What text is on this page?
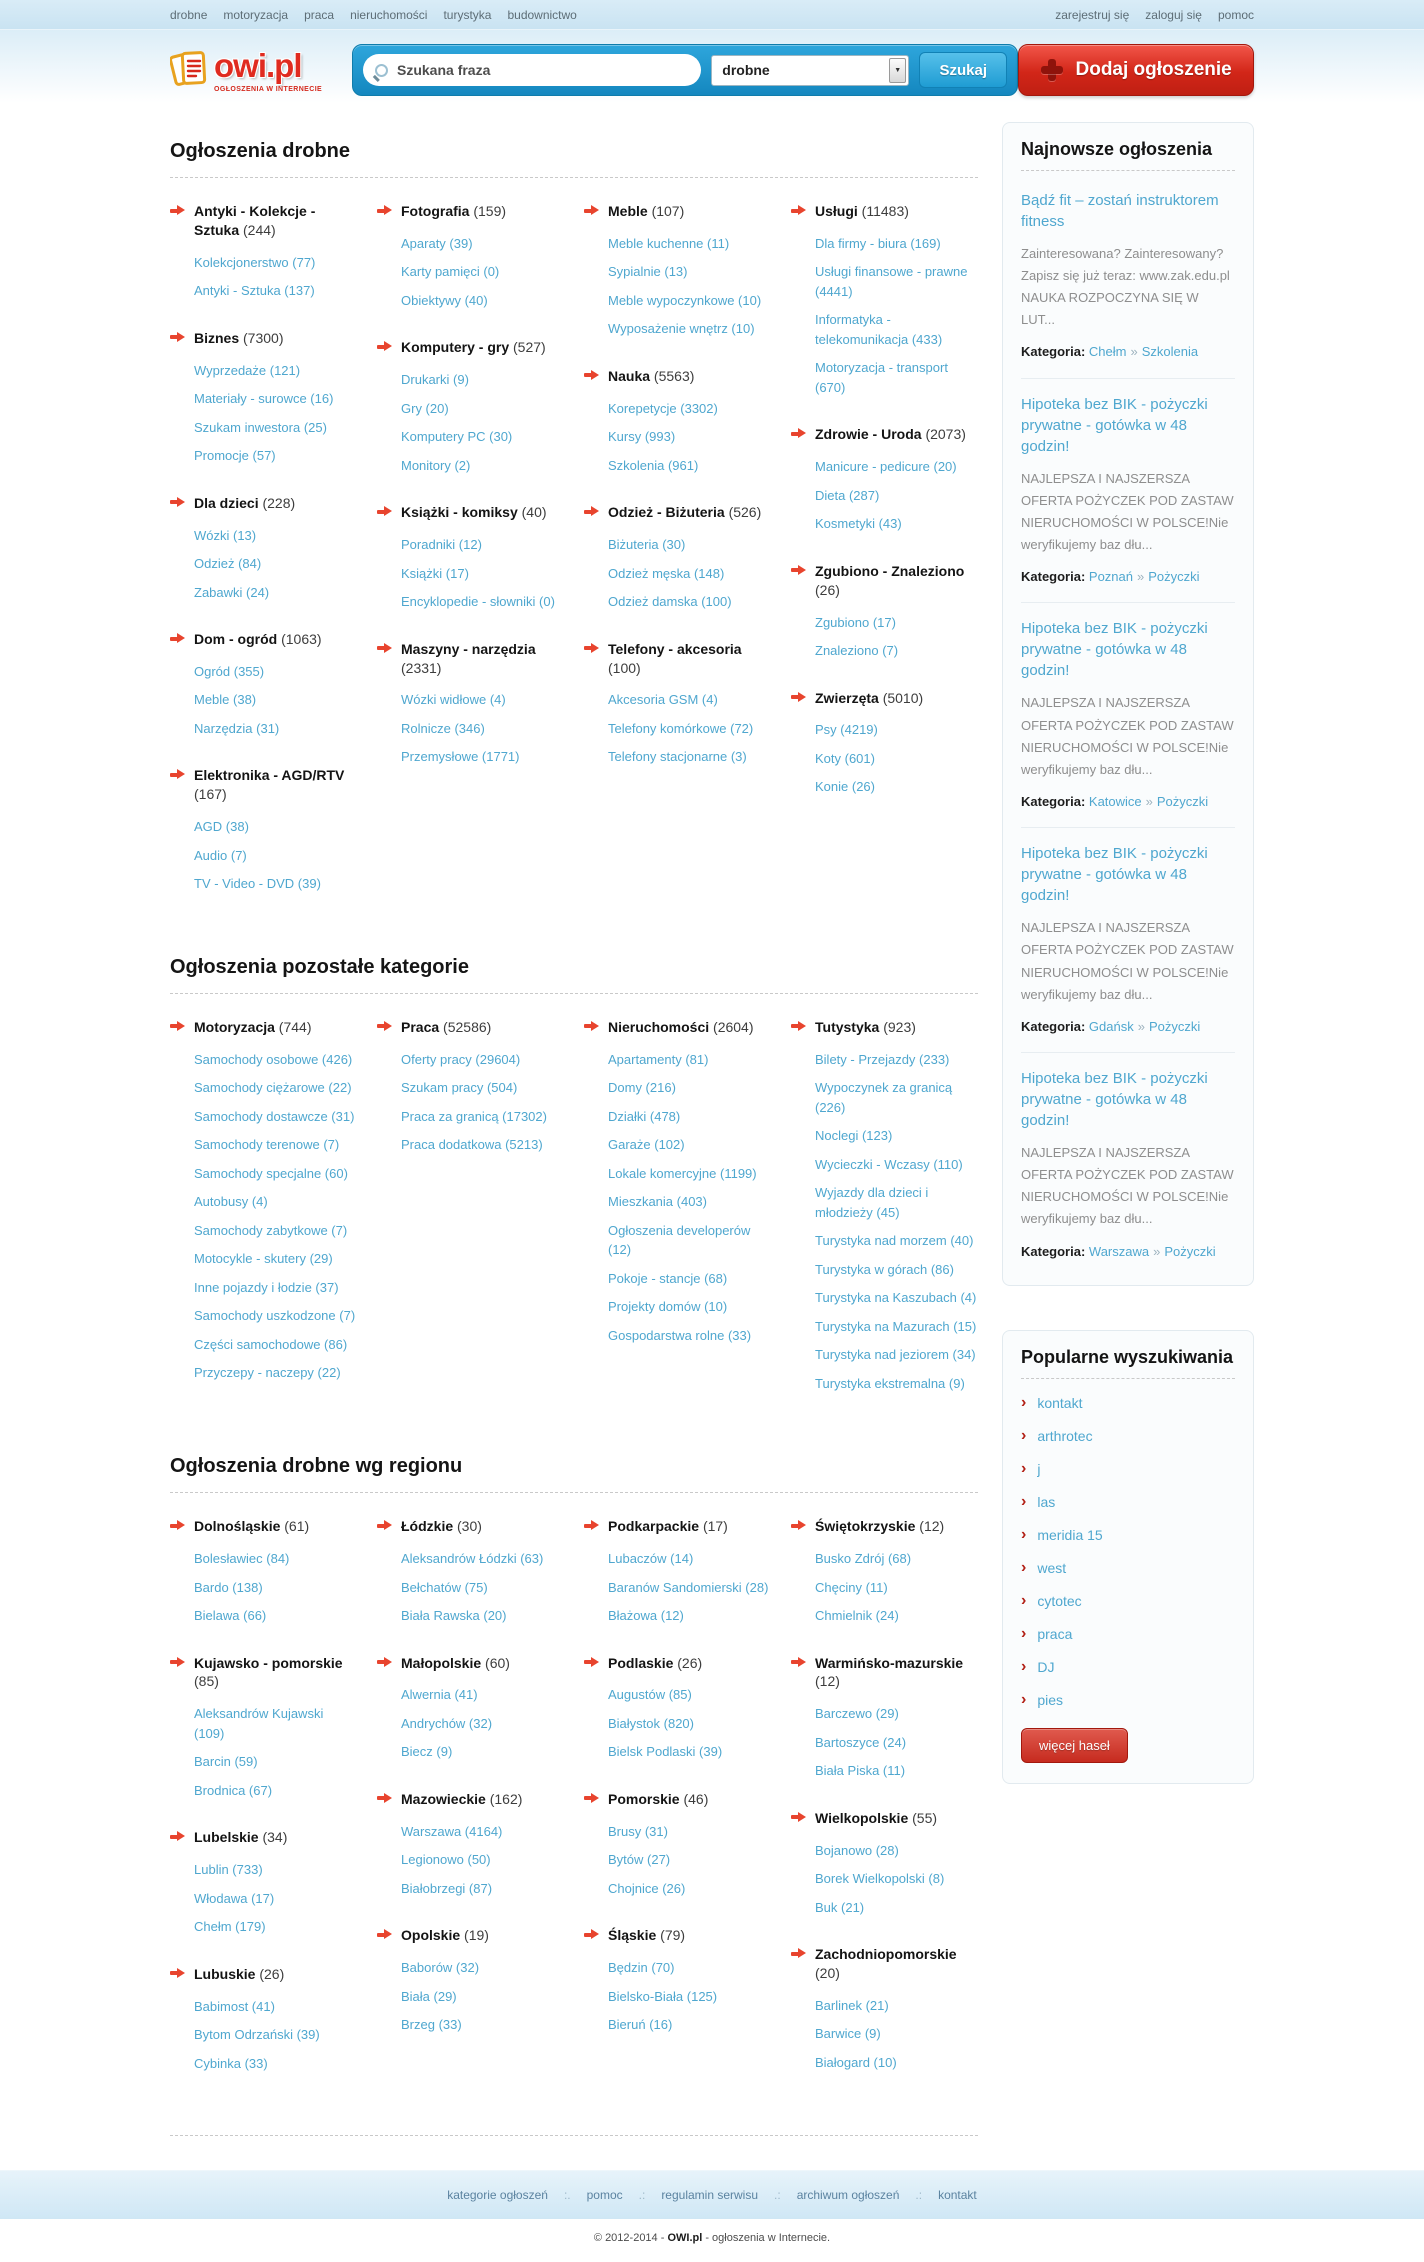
drobne motoryzacja praca nieruchomości turystyka budownictwo	zarejestruj się zaloguj się pomoc
owi.pl
OGŁOSZENIA W INTERNECIE
Szukana fraza
drobne	▼	Szukaj	Dodaj ogłoszenie
Ogłoszenia drobne
Antyki - Kolekcje - Sztuka (244)
Kolekcjonerstwo (77)
Antyki - Sztuka (137)
Biznes (7300)
Wyprzedaże (121)
Materiały - surowce (16)
Szukam inwestora (25)
Promocje (57)
Dla dzieci (228)
Wózki (13)
Odzież (84)
Zabawki (24)
Dom - ogród (1063)
Ogród (355)
Meble (38)
Narzędzia (31)
Elektronika - AGD/RTV (167)
AGD (38)
Audio (7)
TV - Video - DVD (39)
Fotografia (159)
Aparaty (39)
Karty pamięci (0)
Obiektywy (40)
Komputery - gry (527)
Drukarki (9)
Gry (20)
Komputery PC (30)
Monitory (2)
Książki - komiksy (40)
Poradniki (12)
Książki (17)
Encyklopedie - słowniki (0)
Maszyny - narzędzia (2331)
Wózki widłowe (4)
Rolnicze (346)
Przemysłowe (1771)
Meble (107)
Meble kuchenne (11)
Sypialnie (13)
Meble wypoczynkowe (10)
Wyposażenie wnętrz (10)
Nauka (5563)
Korepetycje (3302)
Kursy (993)
Szkolenia (961)
Odzież - Biżuteria (526)
Biżuteria (30)
Odzież męska (148)
Odzież damska (100)
Telefony - akcesoria (100)
Akcesoria GSM (4)
Telefony komórkowe (72)
Telefony stacjonarne (3)
Usługi (11483)
Dla firmy - biura (169)
Usługi finansowe - prawne (4441)
Informatyka - telekomunikacja (433)
Motoryzacja - transport (670)
Zdrowie - Uroda (2073)
Manicure - pedicure (20)
Dieta (287)
Kosmetyki (43)
Zgubiono - Znaleziono (26)
Zgubiono (17)
Znaleziono (7)
Zwierzęta (5010)
Psy (4219)
Koty (601)
Konie (26)
Ogłoszenia pozostałe kategorie
Motoryzacja (744)
Samochody osobowe (426)
Samochody ciężarowe (22)
Samochody dostawcze (31)
Samochody terenowe (7)
Samochody specjalne (60)
Autobusy (4)
Samochody zabytkowe (7)
Motocykle - skutery (29)
Inne pojazdy i łodzie (37)
Samochody uszkodzone (7)
Części samochodowe (86)
Przyczepy - naczepy (22)
Praca (52586)
Oferty pracy (29604)
Szukam pracy (504)
Praca za granicą (17302)
Praca dodatkowa (5213)
Nieruchomości (2604)
Apartamenty (81)
Domy (216)
Działki (478)
Garaże (102)
Lokale komercyjne (1199)
Mieszkania (403)
Ogłoszenia developerów (12)
Pokoje - stancje (68)
Projekty domów (10)
Gospodarstwa rolne (33)
Tutystyka (923)
Bilety - Przejazdy (233)
Wypoczynek za granicą (226)
Noclegi (123)
Wycieczki - Wczasy (110)
Wyjazdy dla dzieci i młodzieży (45)
Turystyka nad morzem (40)
Turystyka w górach (86)
Turystyka na Kaszubach (4)
Turystyka na Mazurach (15)
Turystyka nad jeziorem (34)
Turystyka ekstremalna (9)
Ogłoszenia drobne wg regionu
Dolnośląskie (61)
Bolesławiec (84)
Bardo (138)
Bielawa (66)
Kujawsko - pomorskie (85)
Aleksandrów Kujawski (109)
Barcin (59)
Brodnica (67)
Lubelskie (34)
Lublin (733)
Włodawa (17)
Chełm (179)
Lubuskie (26)
Babimost (41)
Bytom Odrzański (39)
Cybinka (33)
Łódzkie (30)
Aleksandrów Łódzki (63)
Bełchatów (75)
Biała Rawska (20)
Małopolskie (60)
Alwernia (41)
Andrychów (32)
Biecz (9)
Mazowieckie (162)
Warszawa (4164)
Legionowo (50)
Białobrzegi (87)
Opolskie (19)
Baborów (32)
Biała (29)
Brzeg (33)
Podkarpackie (17)
Lubaczów (14)
Baranów Sandomierski (28)
Błażowa (12)
Podlaskie (26)
Augustów (85)
Białystok (820)
Bielsk Podlaski (39)
Pomorskie (46)
Brusy (31)
Bytów (27)
Chojnice (26)
Śląskie (79)
Będzin (70)
Bielsko-Biała (125)
Bieruń (16)
Świętokrzyskie (12)
Busko Zdrój (68)
Chęciny (11)
Chmielnik (24)
Warmińsko-mazurskie (12)
Barczewo (29)
Bartoszyce (24)
Biała Piska (11)
Wielkopolskie (55)
Bojanowo (28)
Borek Wielkopolski (8)
Buk (21)
Zachodniopomorskie (20)
Barlinek (21)
Barwice (9)
Białogard (10)
Najnowsze ogłoszenia
Bądź fit – zostań instruktorem fitness

Zainteresowana? Zainteresowany? Zapisz się już teraz: www.zak.edu.pl NAUKA ROZPOCZYNA SIĘ W LUT...

Kategoria: Chełm » Szkolenia
Hipoteka bez BIK - pożyczki prywatne - gotówka w 48 godzin!

NAJLEPSZA I NAJSZERSZA OFERTA POŻYCZEK POD ZASTAW NIERUCHOMOŚCI W POLSCE!Nie weryfikujemy baz dłu...

Kategoria: Poznań » Pożyczki
Hipoteka bez BIK - pożyczki prywatne - gotówka w 48 godzin!

NAJLEPSZA I NAJSZERSZA OFERTA POŻYCZEK POD ZASTAW NIERUCHOMOŚCI W POLSCE!Nie weryfikujemy baz dłu...

Kategoria: Katowice » Pożyczki
Hipoteka bez BIK - pożyczki prywatne - gotówka w 48 godzin!

NAJLEPSZA I NAJSZERSZA OFERTA POŻYCZEK POD ZASTAW NIERUCHOMOŚCI W POLSCE!Nie weryfikujemy baz dłu...

Kategoria: Gdańsk » Pożyczki
Hipoteka bez BIK - pożyczki prywatne - gotówka w 48 godzin!

NAJLEPSZA I NAJSZERSZA OFERTA POŻYCZEK POD ZASTAW NIERUCHOMOŚCI W POLSCE!Nie weryfikujemy baz dłu...

Kategoria: Warszawa » Pożyczki
Popularne wyszukiwania
› kontakt
› arthrotec
› j
› las
› meridia 15
› west
› cytotec
› praca
› DJ
› pies
więcej haseł
kategorie ogłoszeń :. pomoc .: regulamin serwisu .: archiwum ogłoszeń .: kontakt
© 2012-2014 - OWI.pl - ogłoszenia w Internecie.
